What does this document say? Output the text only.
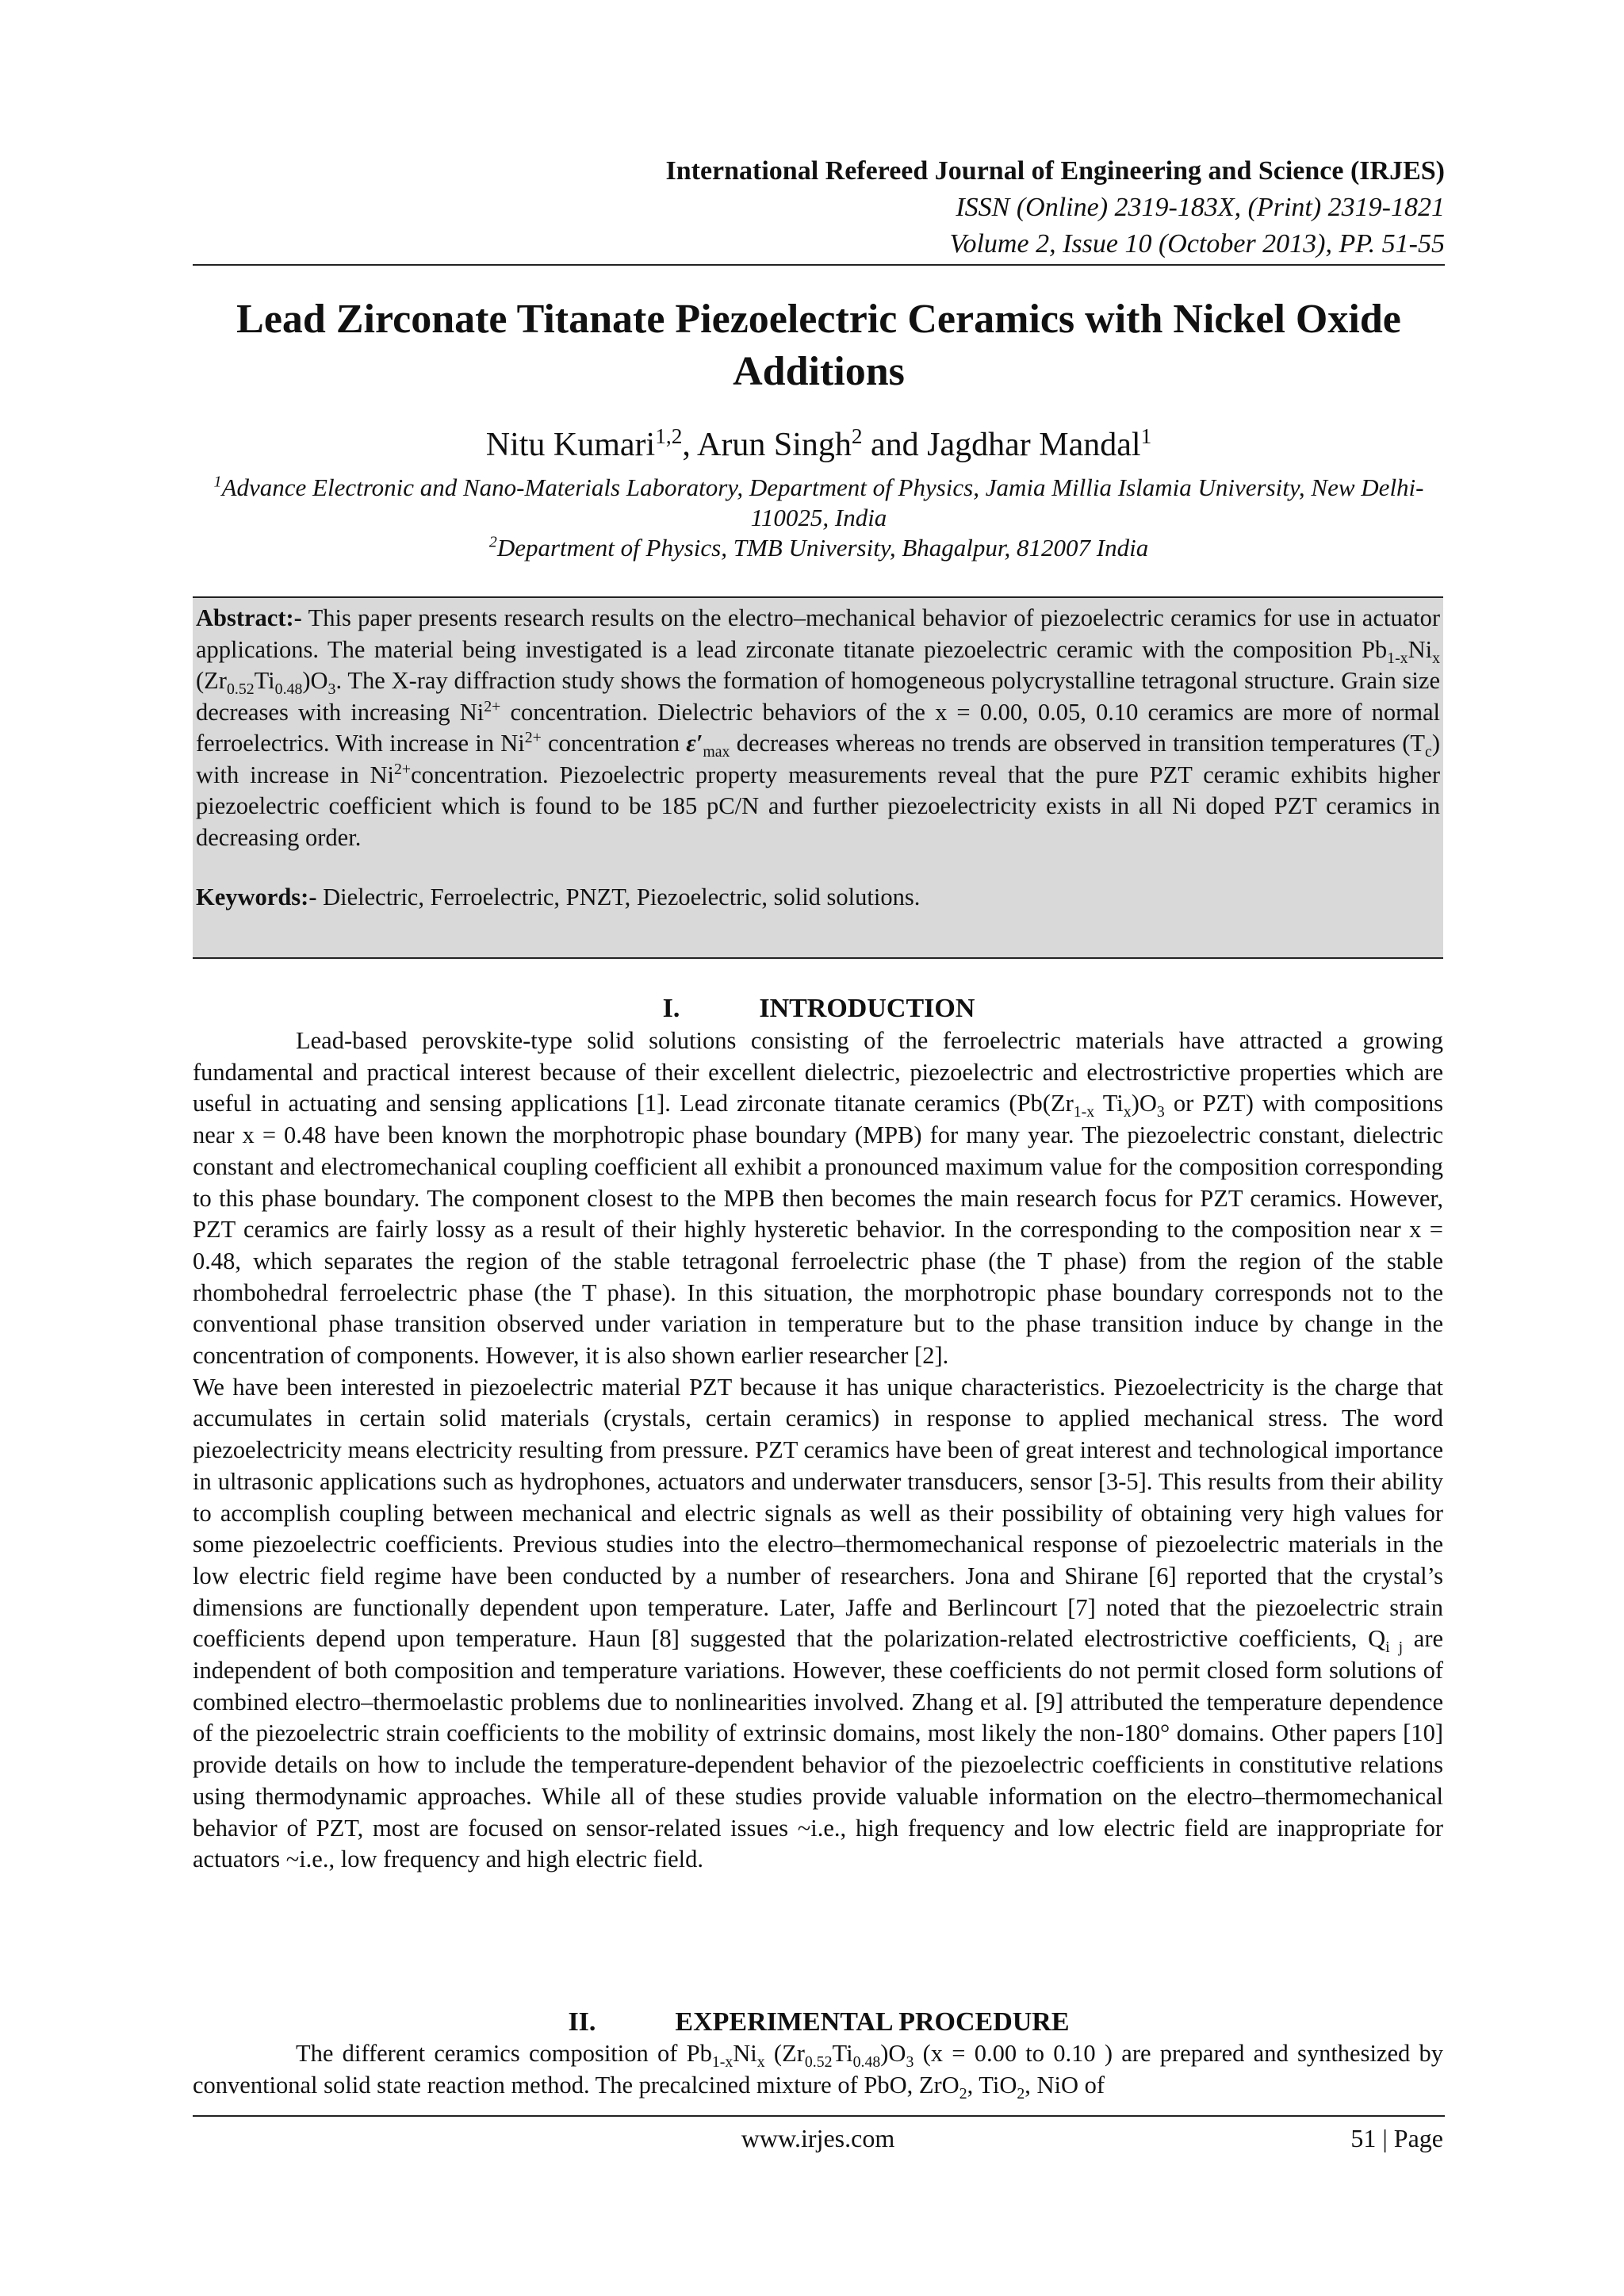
International Refereed Journal of Engineering and Science (IRJES)
ISSN (Online) 2319-183X, (Print) 2319-1821
Volume 2, Issue 10 (October 2013), PP. 51-55
Lead Zirconate Titanate Piezoelectric Ceramics with Nickel Oxide Additions
Nitu Kumari$^{1,2}$, Arun Singh$^2$ and Jagdhar Mandal$^1$

$^1$Advance Electronic and Nano-Materials Laboratory, Department of Physics, Jamia Millia Islamia University, New Delhi- 110025, India

$^2$Department of Physics, TMB University, Bhagalpur, 812007 India

Abstract:- This paper presents research results on the electro–mechanical behavior of piezoelectric ceramics for use in actuator applications. The material being investigated is a lead zirconate titanate piezoelectric ceramic with the composition $Pb_{1-x}Ni_x$ $(Zr_{0.52}Ti_{0.48})O_3$. The X-ray diffraction study shows the formation of homogeneous polycrystalline tetragonal structure. Grain size decreases with increasing $Ni^{2+}$ concentration. Dielectric behaviors of the x = 0.00, 0.05, 0.10 ceramics are more of normal ferroelectrics. With increase in $Ni^{2+}$ concentration $\varepsilon'_{max}$ decreases whereas no trends are observed in transition temperatures $(T_c)$ with increase in $Ni^{2+}concentration$. Piezoelectric property measurements reveal that the pure PZT ceramic exhibits higher piezoelectric coefficient which is found to be 185 pC/N and further piezoelectricity exists in all Ni doped PZT ceramics in decreasing order.

Keywords:- Dielectric, Ferroelectric, PNZT, Piezoelectric, solid solutions.

I.	INTRODUCTION

Lead-based perovskite-type solid solutions consisting of the ferroelectric materials have attracted a growing fundamental and practical interest because of their excellent dielectric, piezoelectric and electrostrictive properties which are useful in actuating and sensing applications [1]. Lead zirconate titanate ceramics ($Pb(Zr_{1-x}$ $Ti_x)O_3$ or PZT) with compositions near x = 0.48 have been known the morphotropic phase boundary (MPB) for many year. The piezoelectric constant, dielectric constant and electromechanical coupling coefficient all exhibit a pronounced maximum value for the composition corresponding to this phase boundary. The component closest to the MPB then becomes the main research focus for PZT ceramics. However, PZT ceramics are fairly lossy as a result of their highly hysteretic behavior. In the corresponding to the composition near x = 0.48, which separates the region of the stable tetragonal ferroelectric phase (the T phase) from the region of the stable rhombohedral ferroelectric phase (the T phase). In this situation, the morphotropic phase boundary corresponds not to the conventional phase transition observed under variation in temperature but to the phase transition induce by change in the concentration of components. However, it is also shown earlier researcher [2].

We have been interested in piezoelectric material PZT because it has unique characteristics. Piezoelectricity is the charge that accumulates in certain solid materials (crystals, certain ceramics) in response to applied mechanical stress. The word piezoelectricity means electricity resulting from pressure. PZT ceramics have been of great interest and technological importance in ultrasonic applications such as hydrophones, actuators and underwater transducers, sensor [3-5]. This results from their ability to accomplish coupling between mechanical and electric signals as well as their possibility of obtaining very high values for some piezoelectric coefficients. Previous studies into the electro–thermomechanical response of piezoelectric materials in the low electric field regime have been conducted by a number of researchers. Jona and Shirane [6] reported that the crystal’s dimensions are functionally dependent upon temperature. Later, Jaffe and Berlincourt [7] noted that the piezoelectric strain coefficients depend upon temperature. Haun [8] suggested that the polarization-related electrostrictive coefficients, $Q_{i j}$ are independent of both composition and temperature variations. However, these coefficients do not permit closed form solutions of combined electro–thermoelastic problems due to nonlinearities involved. Zhang et al. [9] attributed the temperature dependence of the piezoelectric strain coefficients to the mobility of extrinsic domains, most likely the non-180° domains. Other papers [10] provide details on how to include the temperature-dependent behavior of the piezoelectric coefficients in constitutive relations using thermodynamic approaches. While all of these studies provide valuable information on the electro–thermomechanical behavior of PZT, most are focused on sensor-related issues ~i.e., high frequency and low electric field are inappropriate for actuators ~i.e., low frequency and high electric field.

II.	EXPERIMENTAL PROCEDURE

The different ceramics composition of $Pb_{1-x}Ni_x$ $(Zr_{0.52}Ti_{0.48})O_3$ (x = 0.00 to 0.10 ) are prepared and synthesized by conventional solid state reaction method. The precalcined mixture of PbO, ZrO$_2$, TiO$_2$, NiO of

www.irjes.com	51 | Page
